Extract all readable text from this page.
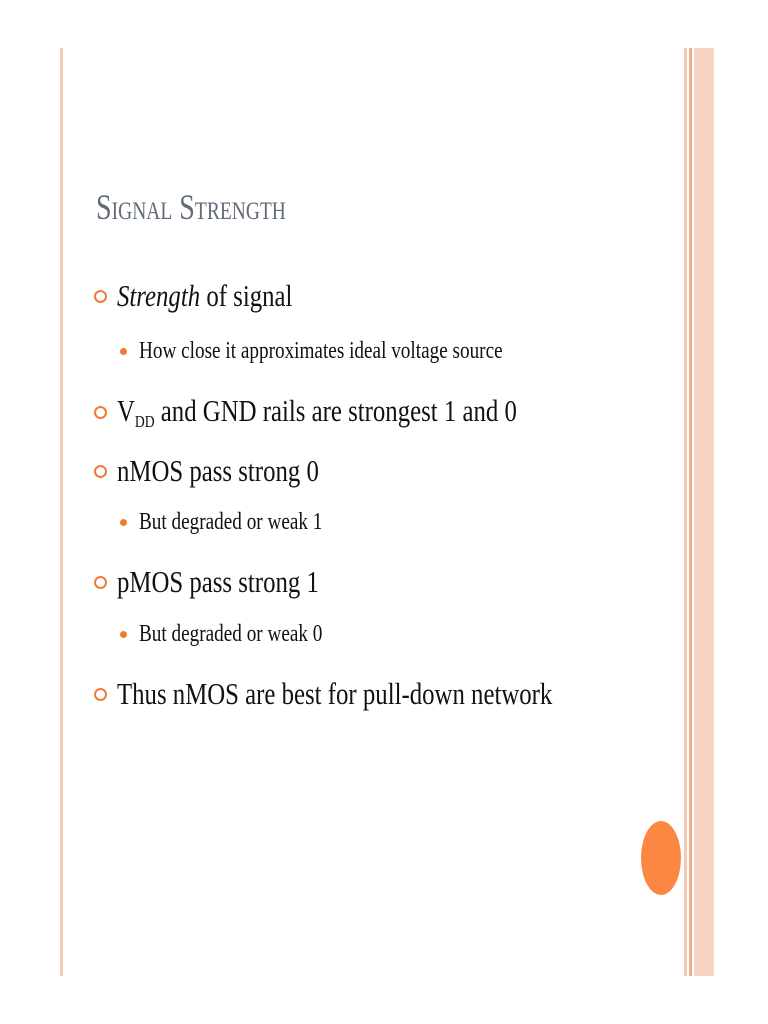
Signal Strength
Strength of signal
How close it approximates ideal voltage source
$V_{DD}$ and GND rails are strongest 1 and 0
nMOS pass strong 0
But degraded or weak 1
pMOS pass strong 1
But degraded or weak 0
Thus nMOS are best for pull-down network
